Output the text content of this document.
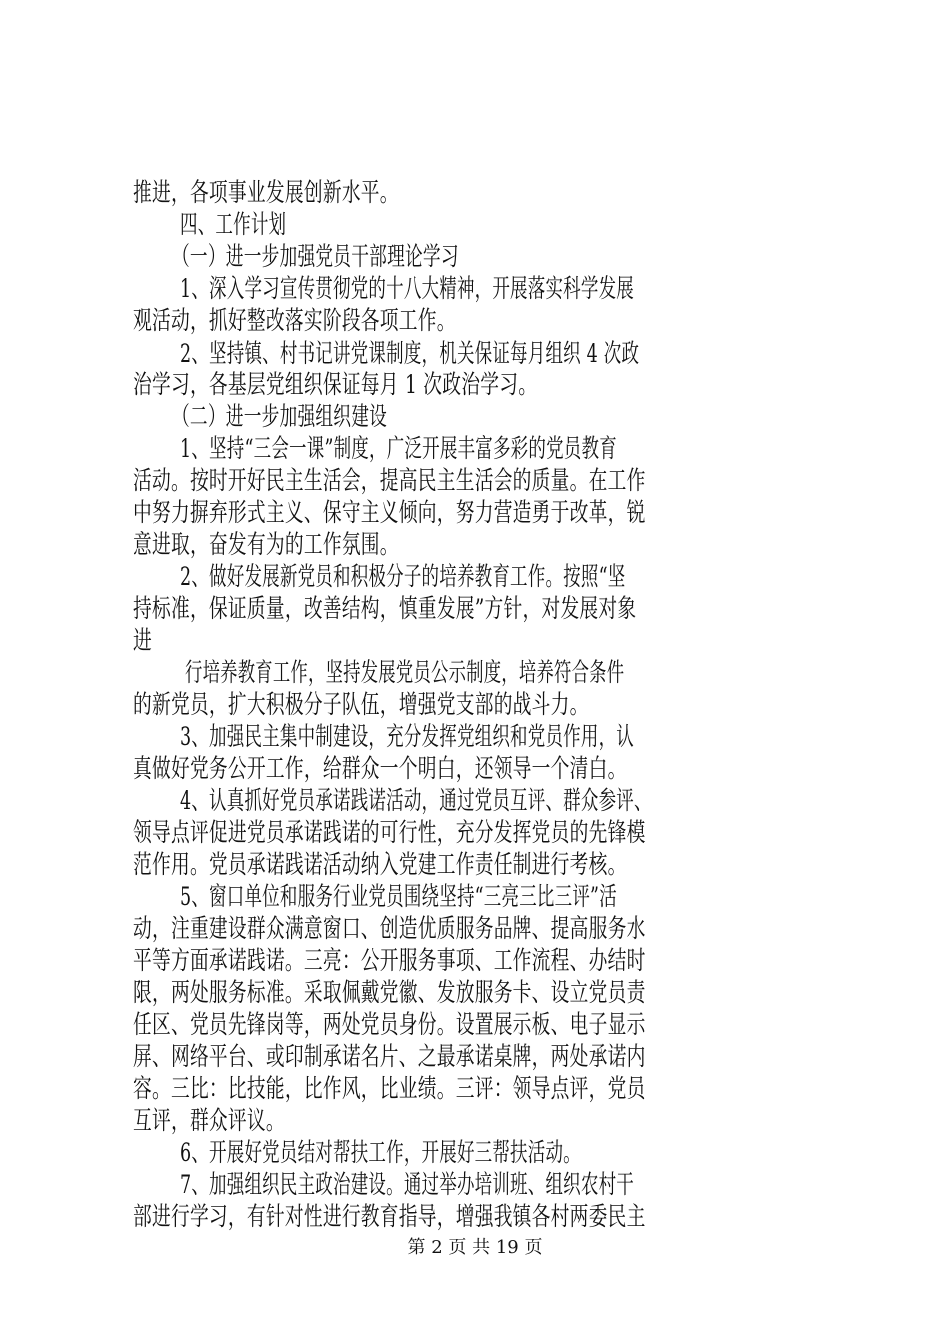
推进，各项事业发展创新水平。
四、工作计划
（一）进一步加强党员干部理论学习
1、深入学习宣传贯彻党的十八大精神，开展落实科学发展
观活动，抓好整改落实阶段各项工作。
2、坚持镇、村书记讲党课制度，机关保证每月组织 4 次政
治学习，各基层党组织保证每月 1 次政治学习。
（二）进一步加强组织建设
1、坚持“三会一课”制度，广泛开展丰富多彩的党员教育
活动。按时开好民主生活会，提高民主生活会的质量。在工作
中努力摒弃形式主义、保守主义倾向，努力营造勇于改革，锐
意进取，奋发有为的工作氛围。
2、做好发展新党员和积极分子的培养教育工作。按照“坚
持标准，保证质量，改善结构，慎重发展”方针，对发展对象
进
行培养教育工作，坚持发展党员公示制度，培养符合条件
的新党员，扩大积极分子队伍，增强党支部的战斗力。
3、加强民主集中制建设，充分发挥党组织和党员作用，认
真做好党务公开工作，给群众一个明白，还领导一个清白。
4、认真抓好党员承诺践诺活动，通过党员互评、群众参评、
领导点评促进党员承诺践诺的可行性，充分发挥党员的先锋模
范作用。党员承诺践诺活动纳入党建工作责任制进行考核。
5、窗口单位和服务行业党员围绕坚持“三亮三比三评”活
动，注重建设群众满意窗口、创造优质服务品牌、提高服务水
平等方面承诺践诺。三亮：公开服务事项、工作流程、办结时
限，两处服务标准。采取佩戴党徽、发放服务卡、设立党员责
任区、党员先锋岗等，两处党员身份。设置展示板、电子显示
屏、网络平台、或印制承诺名片、之最承诺桌牌，两处承诺内
容。三比：比技能，比作风，比业绩。三评：领导点评，党员
互评，群众评议。
6、开展好党员结对帮扶工作，开展好三帮扶活动。
7、加强组织民主政治建设。通过举办培训班、组织农村干
部进行学习，有针对性进行教育指导，增强我镇各村两委民主
第 2 页 共 19 页
